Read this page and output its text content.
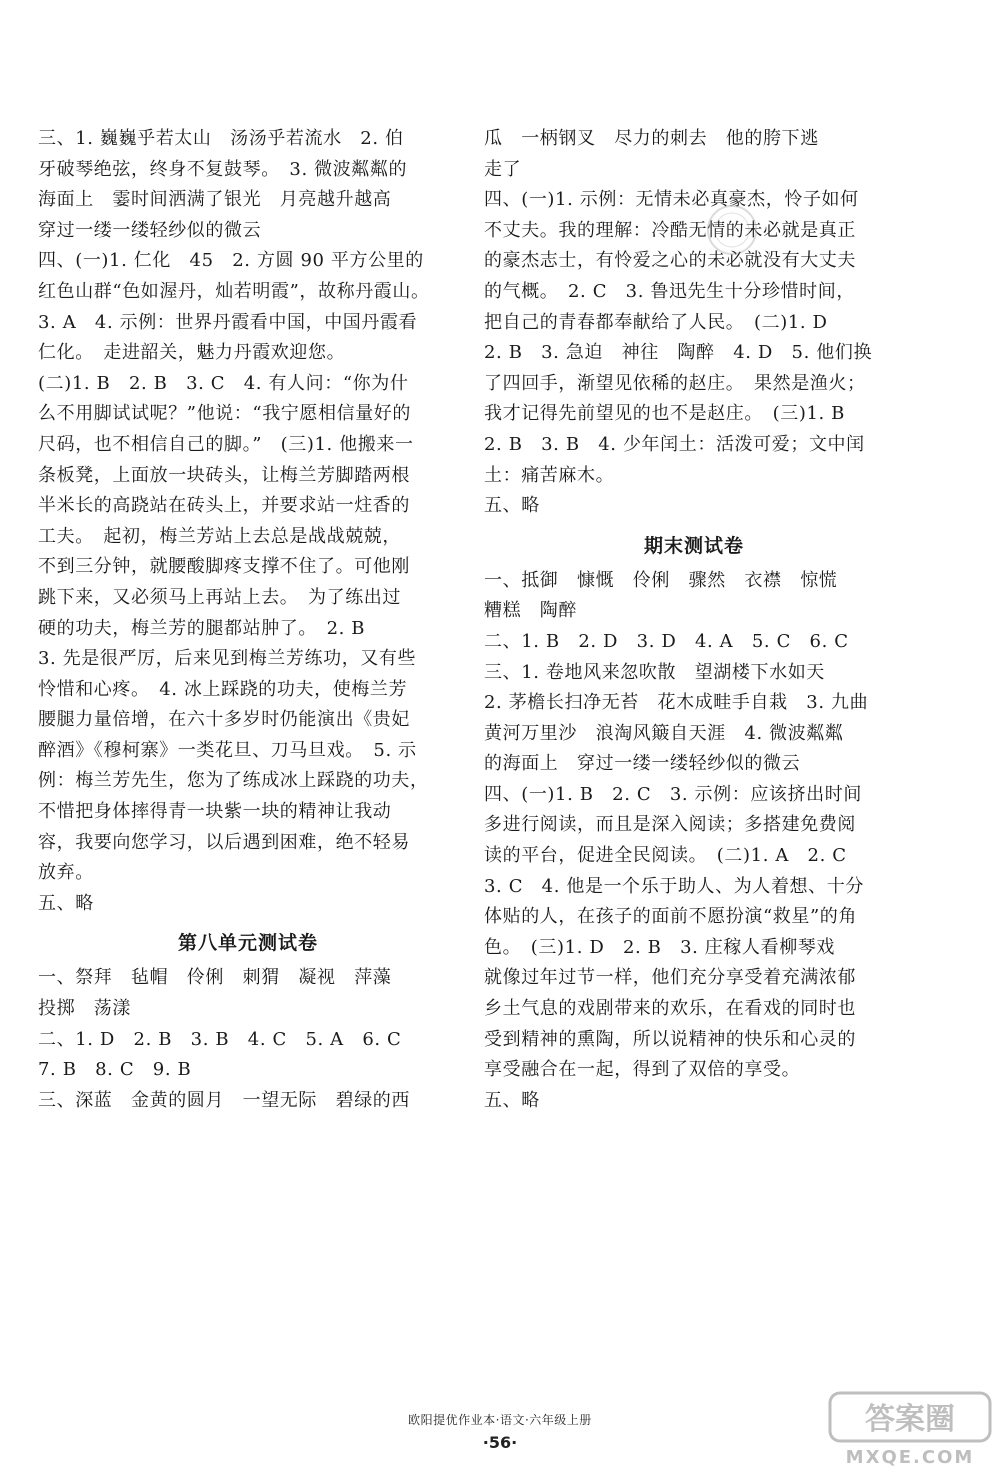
三、1. 巍巍乎若太山　汤汤乎若流水　2. 伯

牙破琴绝弦，终身不复鼓琴。　3. 微波粼粼的

海面上　霎时间洒满了银光　月亮越升越高

穿过一缕一缕轻纱似的微云

四、(一)1. 仁化　45　2. 方圆 90 平方公里的

红色山群“色如渥丹，灿若明霞”，故称丹霞山。

3. A　4. 示例：世界丹霞看中国，中国丹霞看

仁化。　走进韶关，魅力丹霞欢迎您。

(二)1. B　2. B　3. C　4. 有人问：“你为什

么不用脚试试呢？”他说：“我宁愿相信量好的

尺码，也不相信自己的脚。”　(三)1. 他搬来一

条板凳，上面放一块砖头，让梅兰芳脚踏两根

半米长的高跷站在砖头上，并要求站一炷香的

工夫。　起初，梅兰芳站上去总是战战兢兢，

不到三分钟，就腰酸脚疼支撑不住了。可他刚

跳下来，又必须马上再站上去。　为了练出过

硬的功夫，梅兰芳的腿都站肿了。　2. B

3. 先是很严厉，后来见到梅兰芳练功，又有些

怜惜和心疼。　4. 冰上踩跷的功夫，使梅兰芳

腰腿力量倍增，在六十多岁时仍能演出《贵妃

醉酒》《穆柯寨》一类花旦、刀马旦戏。　5. 示

例：梅兰芳先生，您为了练成冰上踩跷的功夫，

不惜把身体摔得青一块紫一块的精神让我动

容，我要向您学习，以后遇到困难，绝不轻易

放弃。

五、略

第八单元测试卷

一、祭拜　毡帽　伶俐　刺猬　凝视　萍藻

投掷　荡漾

二、1. D　2. B　3. B　4. C　5. A　6. C

7. B　8. C　9. B

三、深蓝　金黄的圆月　一望无际　碧绿的西

瓜　一柄钢叉　尽力的刺去　他的胯下逃

走了

四、(一)1. 示例：无情未必真豪杰，怜子如何

不丈夫。我的理解：冷酷无情的未必就是真正

的豪杰志士，有怜爱之心的未必就没有大丈夫

的气概。　2. C　3. 鲁迅先生十分珍惜时间，

把自己的青春都奉献给了人民。　(二)1. D

2. B　3. 急迫　神往　陶醉　4. D　5. 他们换

了四回手，渐望见依稀的赵庄。　果然是渔火；

我才记得先前望见的也不是赵庄。　(三)1. B

2. B　3. B　4. 少年闰土：活泼可爱；文中闰

土：痛苦麻木。

五、略

期末测试卷

一、抵御　慷慨　伶俐　骤然　衣襟　惊慌

糟糕　陶醉

二、1. B　2. D　3. D　4. A　5. C　6. C

三、1. 卷地风来忽吹散　望湖楼下水如天

2. 茅檐长扫净无苔　花木成畦手自栽　3. 九曲

黄河万里沙　浪淘风簸自天涯　4. 微波粼粼

的海面上　穿过一缕一缕轻纱似的微云

四、(一)1. B　2. C　3. 示例：应该挤出时间

多进行阅读，而且是深入阅读；多搭建免费阅

读的平台，促进全民阅读。　(二)1. A　2. C

3. C　4. 他是一个乐于助人、为人着想、十分

体贴的人，在孩子的面前不愿扮演“救星”的角

色。　(三)1. D　2. B　3. 庄稼人看柳琴戏

就像过年过节一样，他们充分享受着充满浓郁

乡土气息的戏剧带来的欢乐，在看戏的同时也

受到精神的熏陶，所以说精神的快乐和心灵的

享受融合在一起，得到了双倍的享受。

五、略

欧阳提优作业本·语文·六年级上册
·56·
答案圈
MXQE.COM
